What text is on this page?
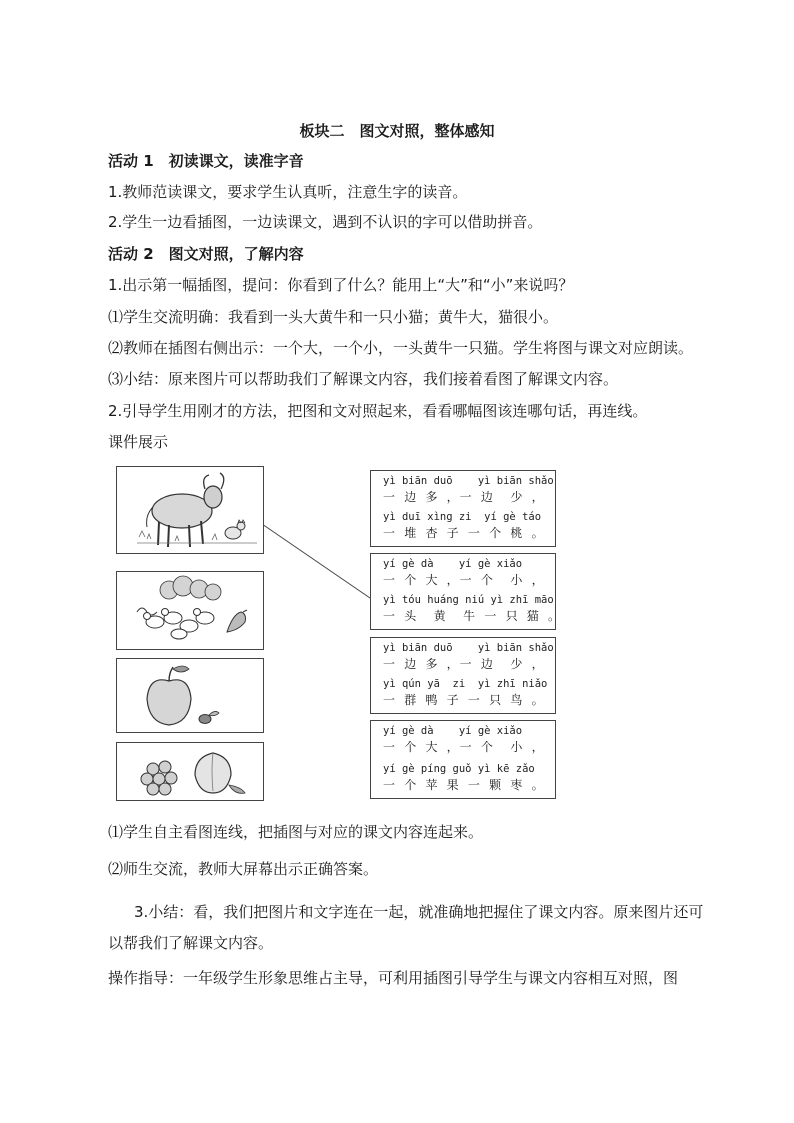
板块二　图文对照，整体感知
活动 1　初读课文，读准字音
1.教师范读课文，要求学生认真听，注意生字的读音。
2.学生一边看插图，一边读课文，遇到不认识的字可以借助拼音。
活动 2　图文对照，了解内容
1.出示第一幅插图，提问：你看到了什么？能用上“大”和“小”来说吗？
⑴学生交流明确：我看到一头大黄牛和一只小猫；黄牛大，猫很小。
⑵教师在插图右侧出示：一个大，一个小，一头黄牛一只猫。学生将图与课文对应朗读。
⑶小结：原来图片可以帮助我们了解课文内容，我们接着看图了解课文内容。
2.引导学生用刚才的方法，把图和文对照起来，看看哪幅图该连哪句话，再连线。
课件展示
yì biān duō    yì biān shǎo
一 边 多 ，一 边  少 ，
yì duī xìng zi  yí gè táo
一 堆 杏 子 一 个 桃 。
yí gè dà    yí gè xiǎo
一 个 大 ，一 个  小 ，
yì tóu huáng niú yì zhī māo
一 头  黄  牛 一 只 猫 。
yì biān duō    yì biān shǎo
一 边 多 ，一 边  少 ，
yì qún yā  zi  yì zhī niǎo
一 群 鸭 子 一 只 鸟 。
yí gè dà    yí gè xiǎo
一 个 大 ，一 个  小 ，
yí gè píng guǒ yì kē zǎo
一 个 苹 果 一 颗 枣 。
⑴学生自主看图连线，把插图与对应的课文内容连起来。
⑵师生交流，教师大屏幕出示正确答案。
3.小结：看，我们把图片和文字连在一起，就准确地把握住了课文内容。原来图片还可
以帮我们了解课文内容。
操作指导：一年级学生形象思维占主导，可利用插图引导学生与课文内容相互对照，图
